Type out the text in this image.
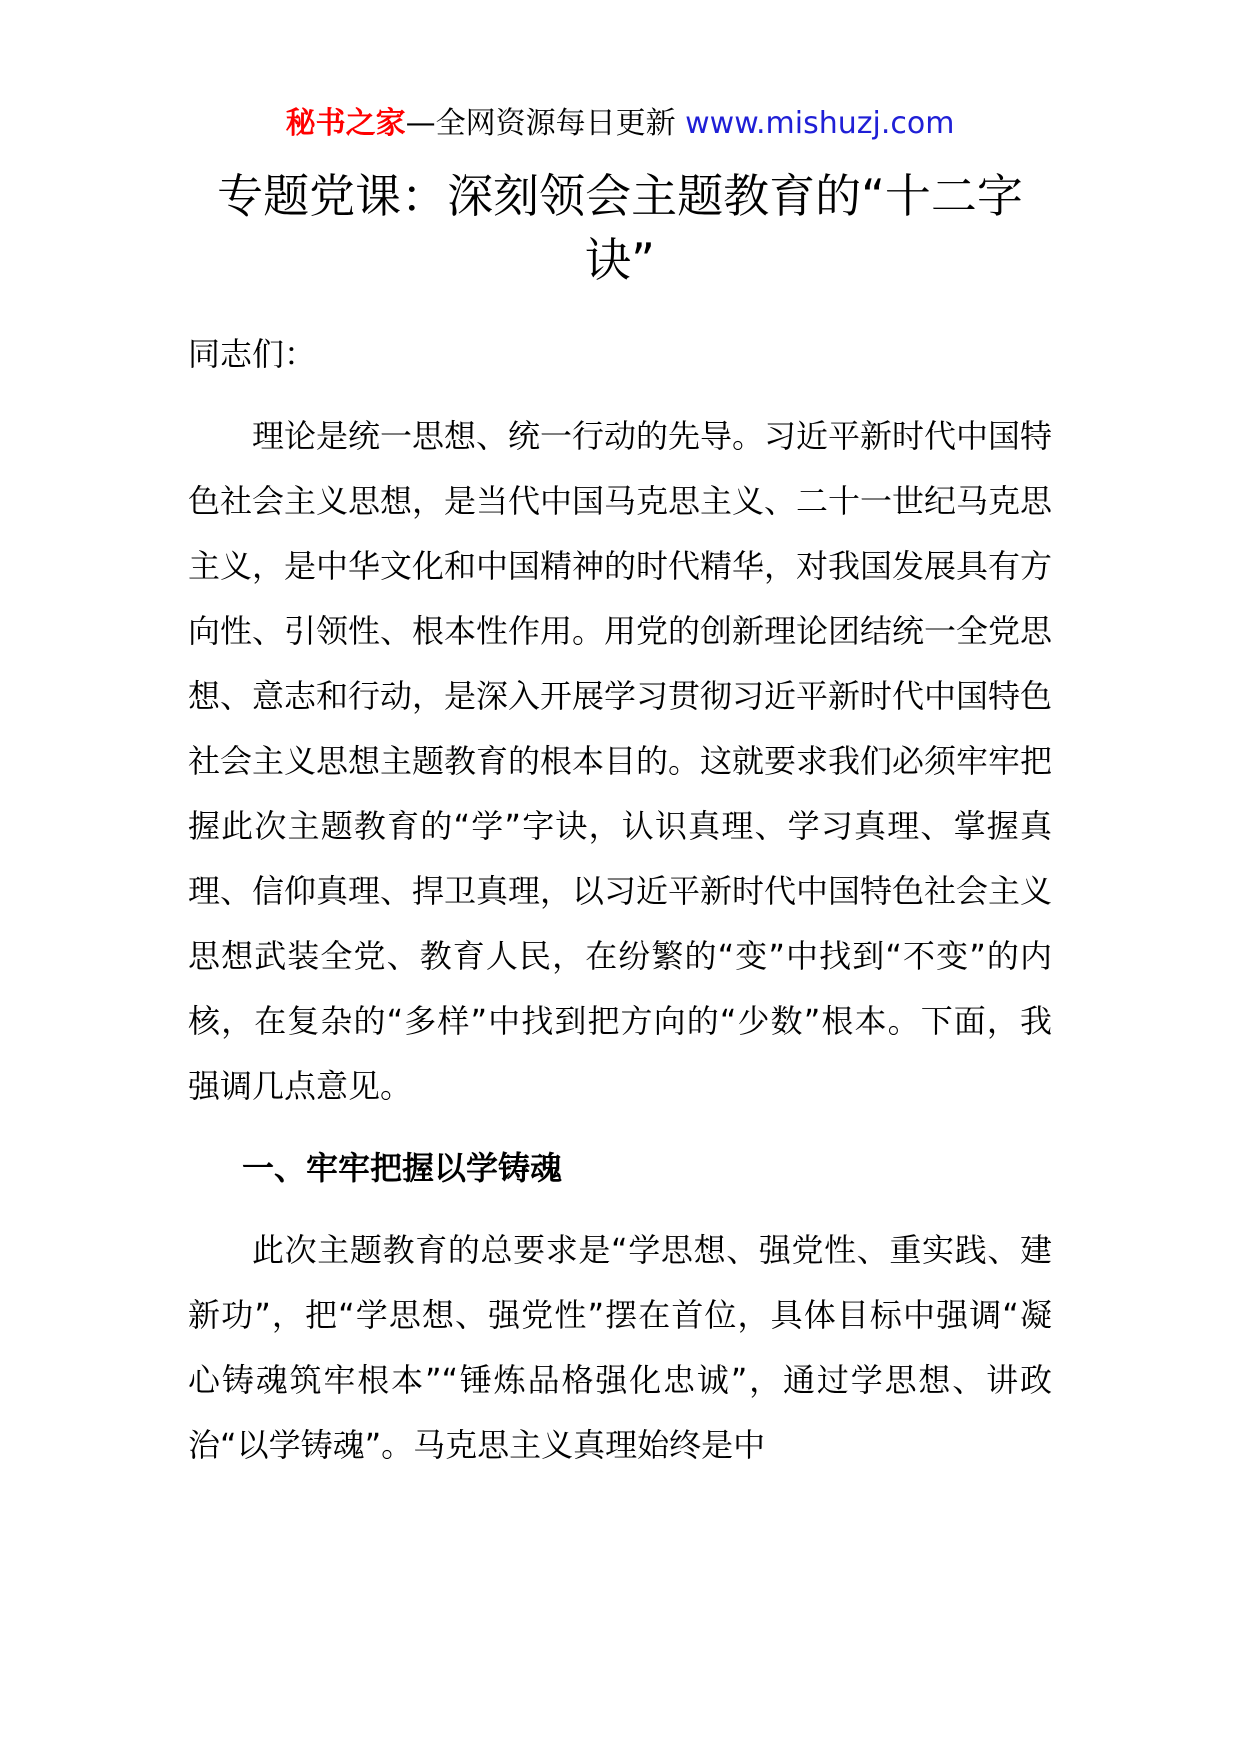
秘书之家—全网资源每日更新 www.mishuzj.com
专题党课：深刻领会主题教育的“十二字诀”

同志们：

理论是统一思想、统一行动的先导。习近平新时代中国特色社会主义思想，是当代中国马克思主义、二十一世纪马克思主义，是中华文化和中国精神的时代精华，对我国发展具有方向性、引领性、根本性作用。用党的创新理论团结统一全党思想、意志和行动，是深入开展学习贯彻习近平新时代中国特色社会主义思想主题教育的根本目的。这就要求我们必须牢牢把握此次主题教育的“学”字诀，认识真理、学习真理、掌握真理、信仰真理、捍卫真理，以习近平新时代中国特色社会主义思想武装全党、教育人民，在纷繁的“变”中找到“不变”的内核，在复杂的“多样”中找到把方向的“少数”根本。下面，我强调几点意见。

一、牢牢把握以学铸魂

此次主题教育的总要求是“学思想、强党性、重实践、建新功”，把“学思想、强党性”摆在首位，具体目标中强调“凝心铸魂筑牢根本”“锤炼品格强化忠诚”，通过学思想、讲政治“以学铸魂”。马克思主义真理始终是中
